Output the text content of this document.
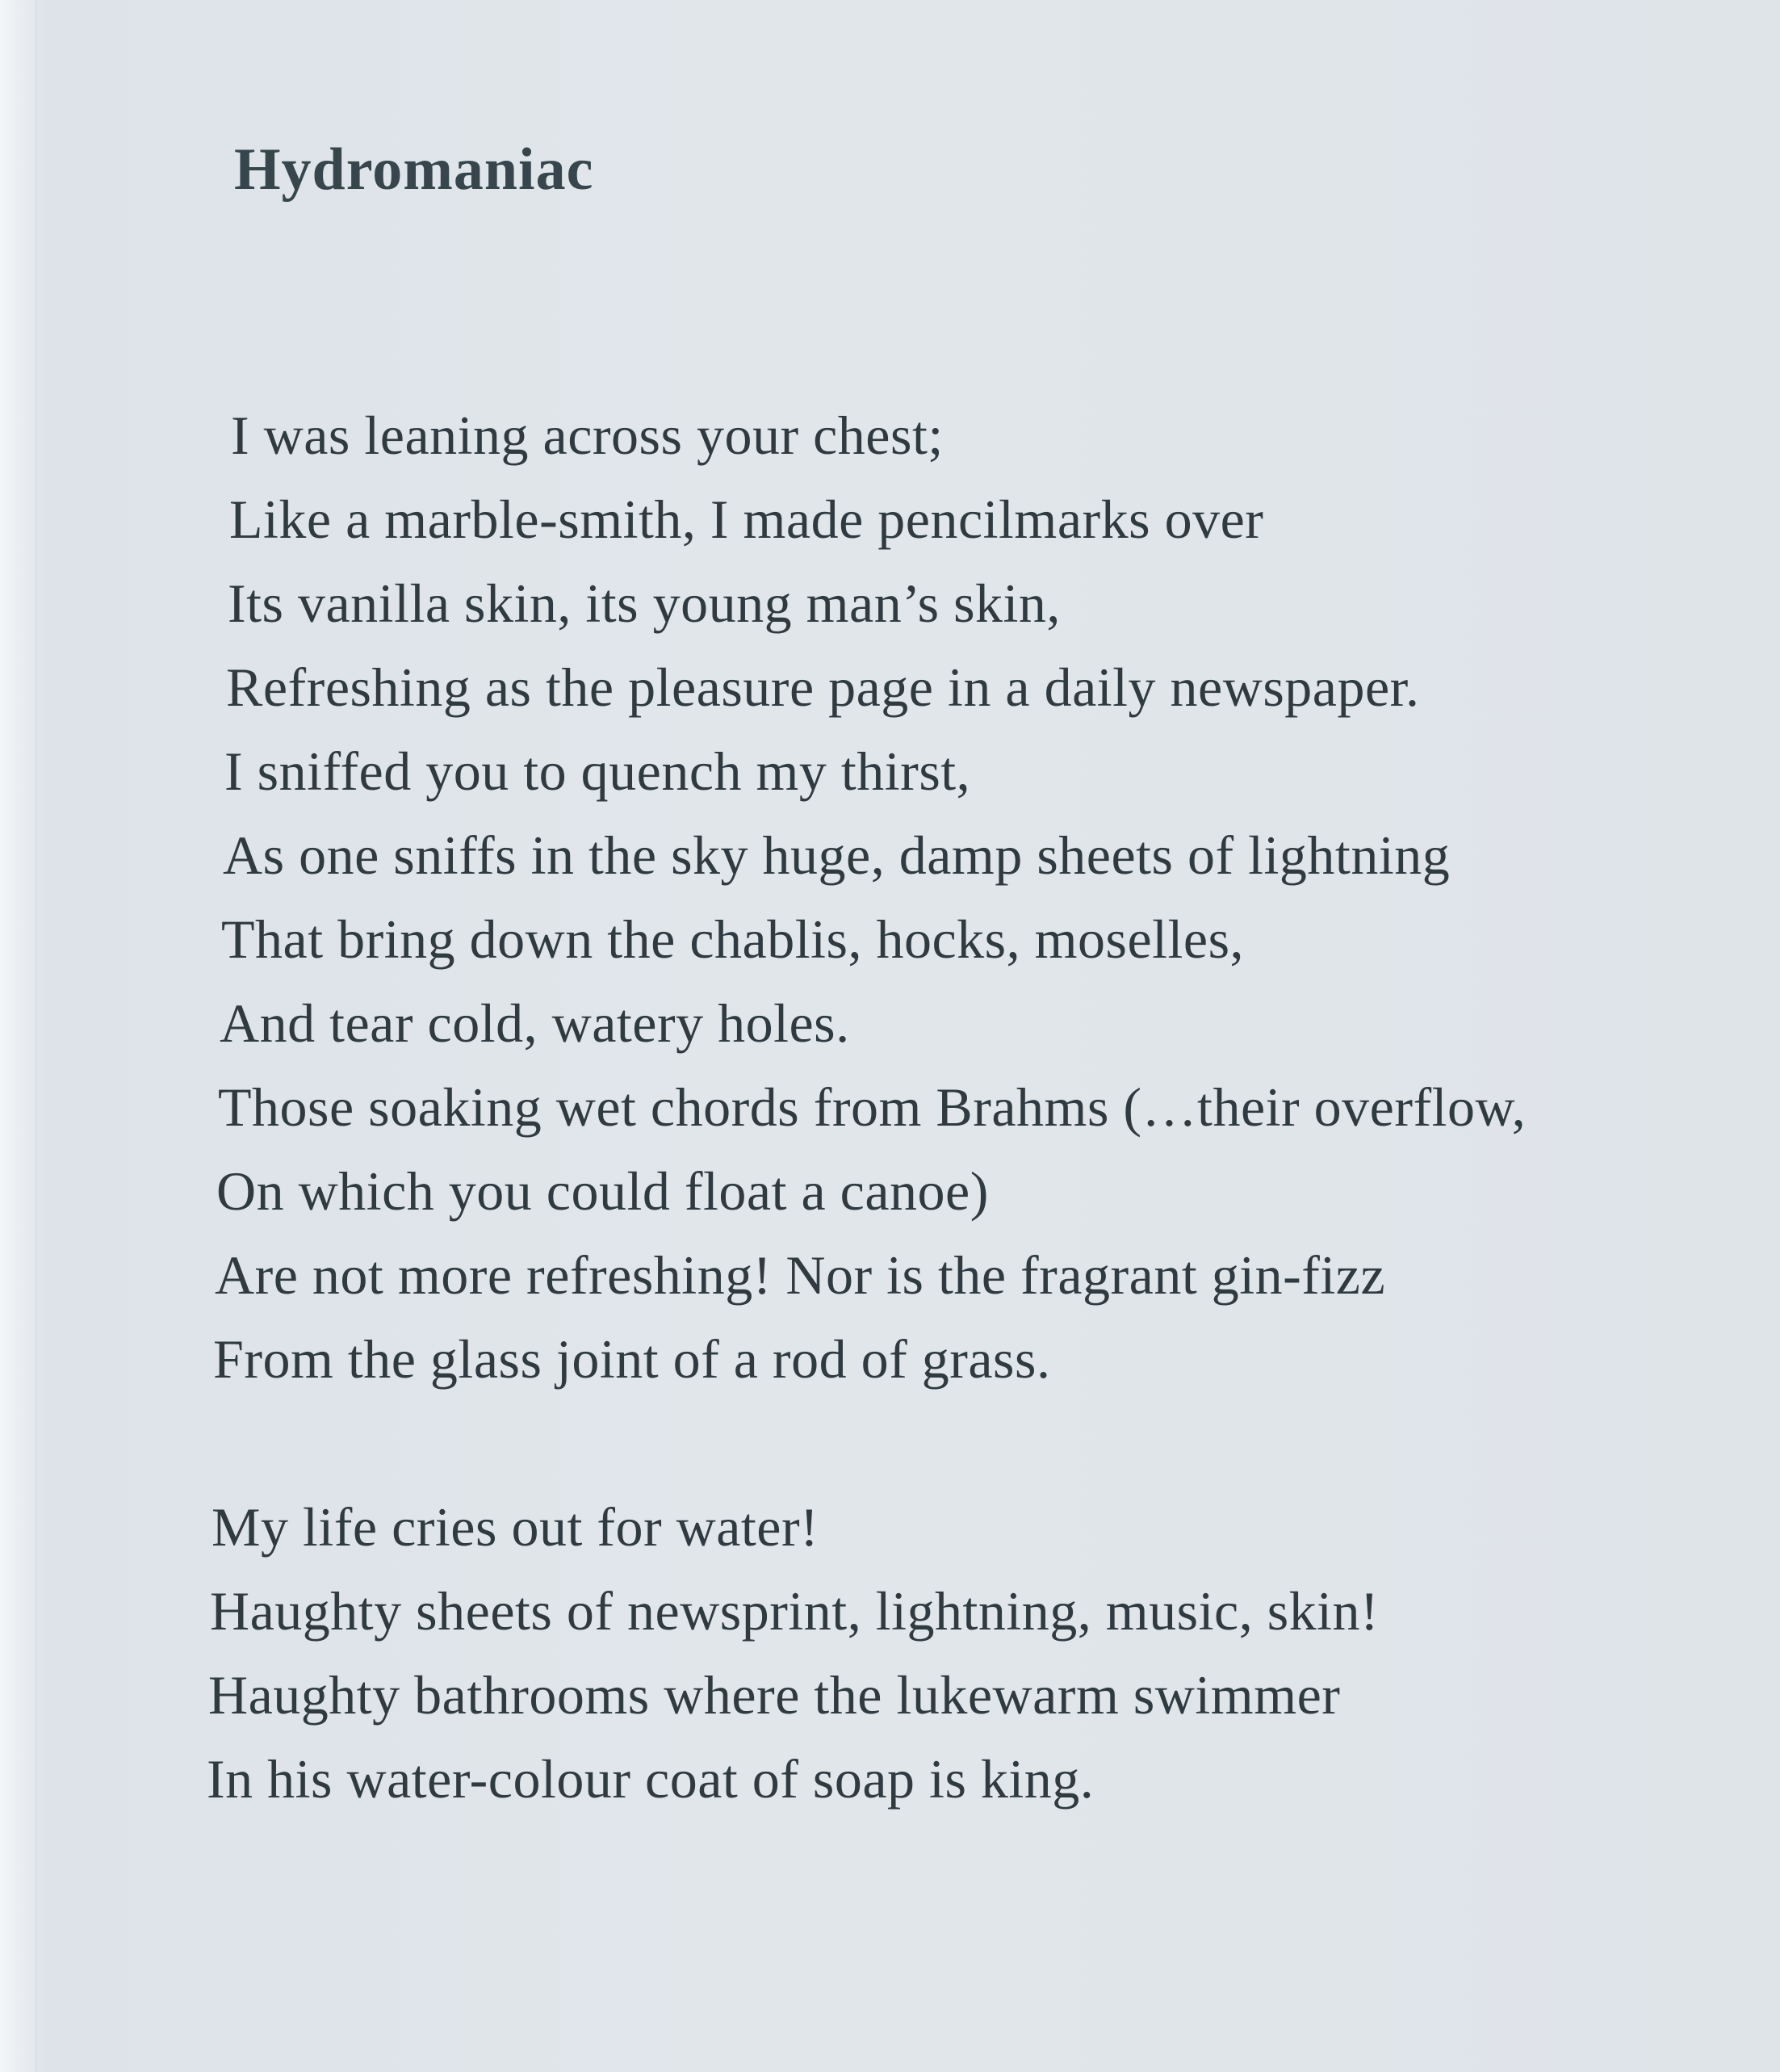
Hydromaniac
I was leaning across your chest;
Like a marble-smith, I made pencilmarks over
Its vanilla skin, its young man’s skin,
Refreshing as the pleasure page in a daily newspaper.
I sniffed you to quench my thirst,
As one sniffs in the sky huge, damp sheets of lightning
That bring down the chablis, hocks, moselles,
And tear cold, watery holes.
Those soaking wet chords from Brahms (…their overflow,
On which you could float a canoe)
Are not more refreshing! Nor is the fragrant gin-fizz
From the glass joint of a rod of grass.
My life cries out for water!
Haughty sheets of newsprint, lightning, music, skin!
Haughty bathrooms where the lukewarm swimmer
In his water-colour coat of soap is king.
